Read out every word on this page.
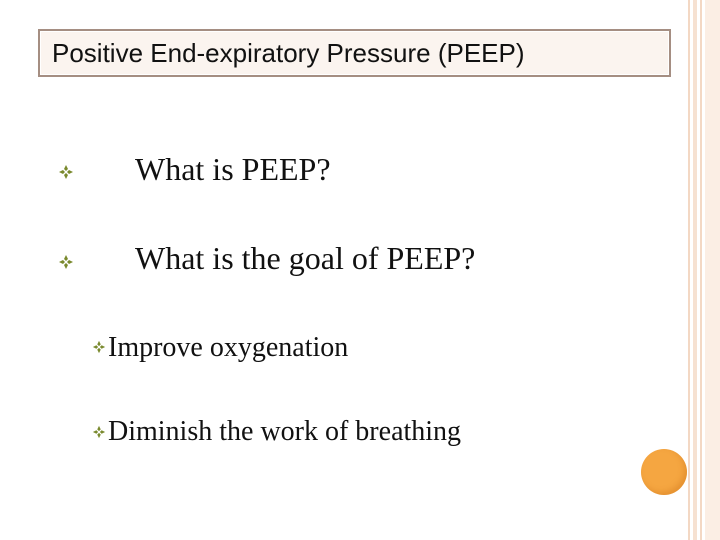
Positive End-expiratory Pressure (PEEP)
What is PEEP?
What is the goal of PEEP?
Improve oxygenation
Diminish the work of breathing
